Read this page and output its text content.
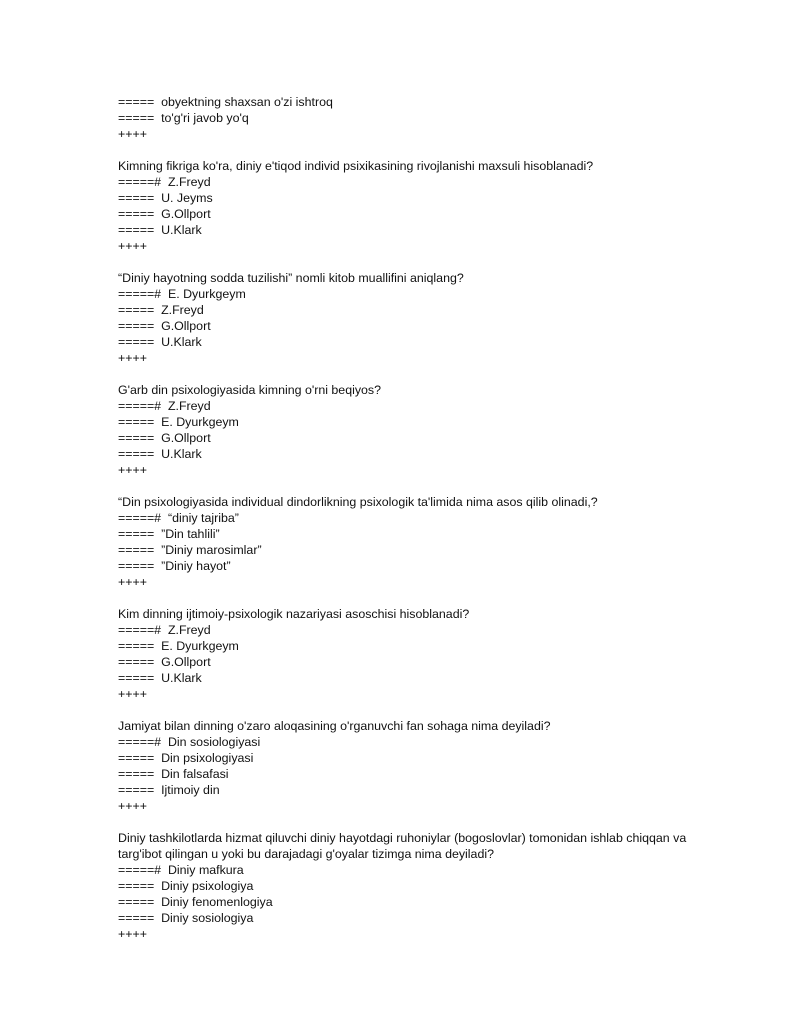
=====  obyektning shaxsan o'zi ishtroq
=====  to'g'ri javob yo'q
++++
Kimning fikriga ko'ra, diniy e'tiqod individ psixikasining rivojlanishi maxsuli hisoblanadi?
=====#  Z.Freyd
=====  U. Jeyms
=====  G.Ollport
=====  U.Klark
++++
“Diniy hayotning sodda tuzilishi” nomli kitob muallifini aniqlang?
=====#  E. Dyurkgeym
=====  Z.Freyd
=====  G.Ollport
=====  U.Klark
++++
G'arb din psixologiyasida kimning o'rni beqiyos?
=====#  Z.Freyd
=====  E. Dyurkgeym
=====  G.Ollport
=====  U.Klark
++++
“Din psixologiyasida individual dindorlikning psixologik ta'limida nima asos qilib olinadi,?
=====#  “diniy tajriba”
=====  ”Din tahlili”
=====  ”Diniy marosimlar”
=====  ”Diniy hayot”
++++
Kim dinning ijtimoiy-psixologik nazariyasi asoschisi hisoblanadi?
=====#  Z.Freyd
=====  E. Dyurkgeym
=====  G.Ollport
=====  U.Klark
++++
Jamiyat bilan dinning o'zaro aloqasining o'rganuvchi fan sohaga nima deyiladi?
=====#  Din sosiologiyasi
=====  Din psixologiyasi
=====  Din falsafasi
=====  Ijtimoiy din
++++
Diniy tashkilotlarda hizmat qiluvchi diniy hayotdagi ruhoniylar (bogoslovlar) tomonidan ishlab chiqqan va targ'ibot qilingan u yoki bu darajadagi g'oyalar tizimga nima deyiladi?
=====#  Diniy mafkura
=====  Diniy psixologiya
=====  Diniy fenomenlogiya
=====  Diniy sosiologiya
++++
